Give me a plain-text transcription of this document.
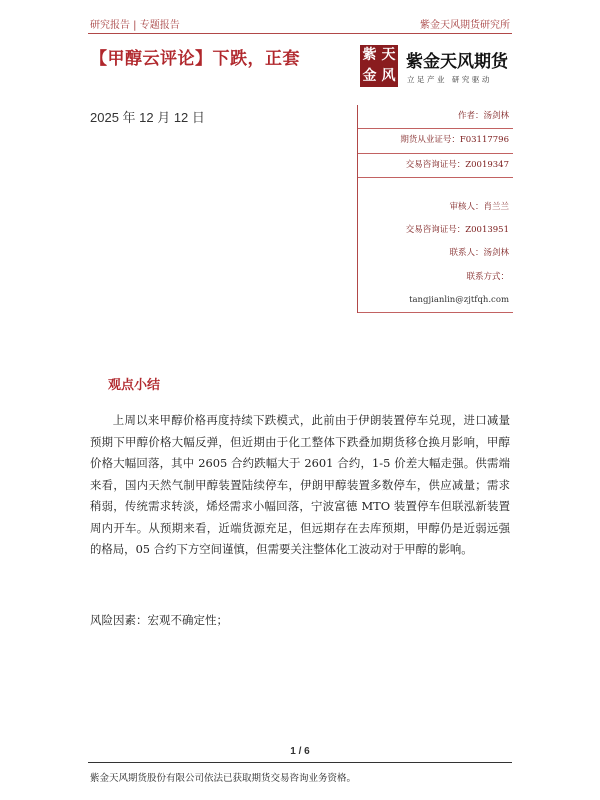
研究报告 | 专题报告	紫金天风期货研究所
【甲醇云评论】下跌，正套	紫 天
金 风
紫金天风期货
立足产业 研究驱动
2025 年 12 月 12 日	作者：汤剑林
期货从业证号：F03117796
交易咨询证号：Z0019347
审核人：肖兰兰
交易咨询证号：Z0013951
联系人：汤剑林
联系方式：
tangjianlin@zjtfqh.com
观点小结
上周以来甲醇价格再度持续下跌模式，此前由于伊朗装置停车兑现，进口减量预期下甲醇价格大幅反弹，但近期由于化工整体下跌叠加期货移仓换月影响，甲醇价格大幅回落，其中 2605 合约跌幅大于 2601 合约，1-5 价差大幅走强。供需端来看，国内天然气制甲醇装置陆续停车，伊朗甲醇装置多数停车，供应减量；需求稍弱，传统需求转淡，烯烃需求小幅回落，宁波富德 MTO 装置停车但联泓新装置周内开车。从预期来看，近端货源充足，但远期存在去库预期，甲醇仍是近弱远强的格局，05 合约下方空间谨慎，但需要关注整体化工波动对于甲醇的影响。
风险因素：宏观不确定性；
1 / 6
紫金天风期货股份有限公司依法已获取期货交易咨询业务资格。
